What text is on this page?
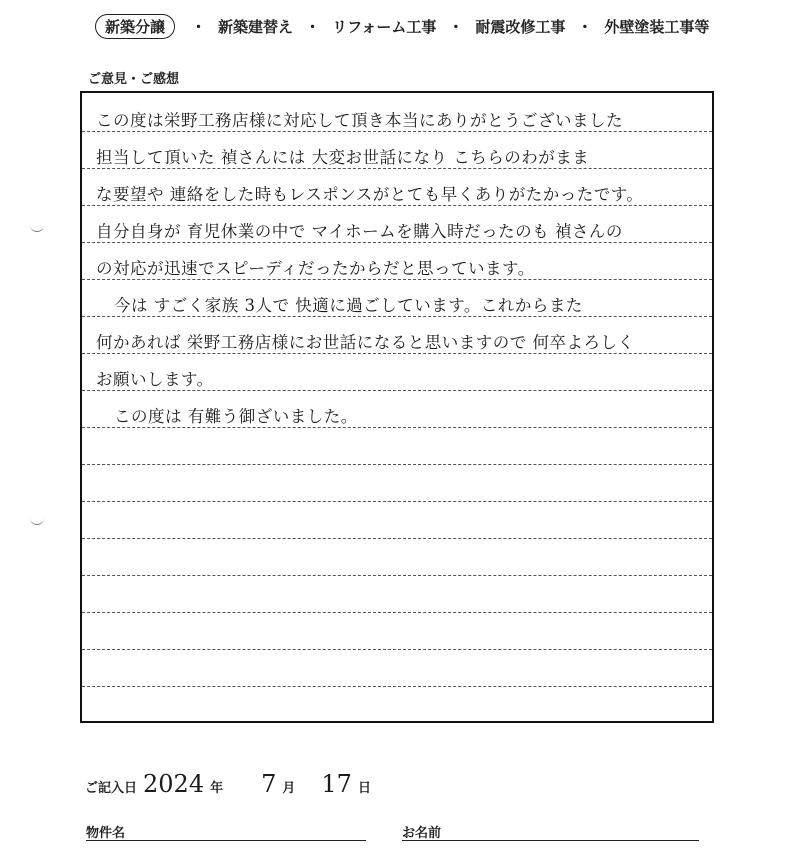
新築分譲	・ 新築建替え ・ リフォーム工事 ・ 耐震改修工事 ・ 外壁塗装工事等
ご意見・ご感想
この度は栄野工務店様に対応して頂き本当にありがとうございました
担当して頂いた 禎さんには 大変お世話になり こちらのわがまま
な要望や 連絡をした時もレスポンスがとても早くありがたかったです。
自分自身が 育児休業の中で マイホームを購入時だったのも 禎さんの
の対応が迅速でスピーディだったからだと思っています。
今は すごく家族 3人で 快適に過ごしています。これからまた
何かあれば 栄野工務店様にお世話になると思いますので 何卒よろしく
お願いします。
この度は 有難う御ざいました。
ご記入日 2024 年 7 月 17 日
物件名	お名前
